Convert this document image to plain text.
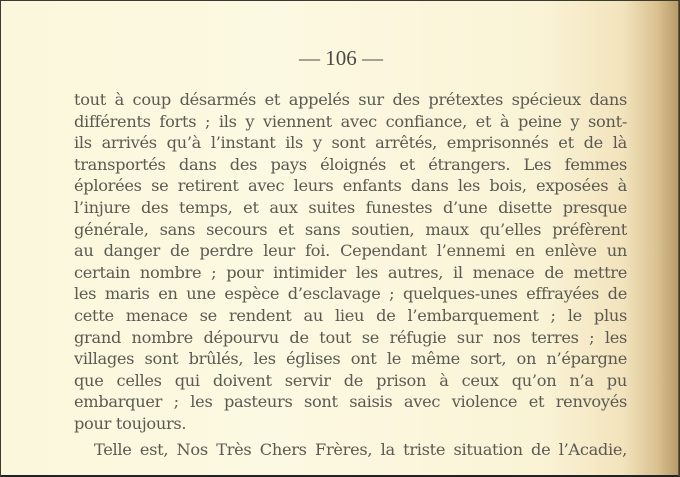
— 106 —
tout à coup désarmés et appelés sur des prétextes spécieux dans
différents forts ; ils y viennent avec confiance, et à peine y sont-
ils arrivés qu’à l’instant ils y sont arrêtés, emprisonnés et de là
transportés dans des pays éloignés et étrangers. Les femmes
éplorées se retirent avec leurs enfants dans les bois, exposées à
l’injure des temps, et aux suites funestes d’une disette presque
générale, sans secours et sans soutien, maux qu’elles préfèrent
au danger de perdre leur foi. Cependant l’ennemi en enlève un
certain nombre ; pour intimider les autres, il menace de mettre
les maris en une espèce d’esclavage ; quelques-unes effrayées de
cette menace se rendent au lieu de l’embarquement ; le plus
grand nombre dépourvu de tout se réfugie sur nos terres ; les
villages sont brûlés, les églises ont le même sort, on n’épargne
que celles qui doivent servir de prison à ceux qu’on n’a pu
embarquer ; les pasteurs sont saisis avec violence et renvoyés
pour toujours.
Telle est, Nos Très Chers Frères, la triste situation de l’Acadie,
